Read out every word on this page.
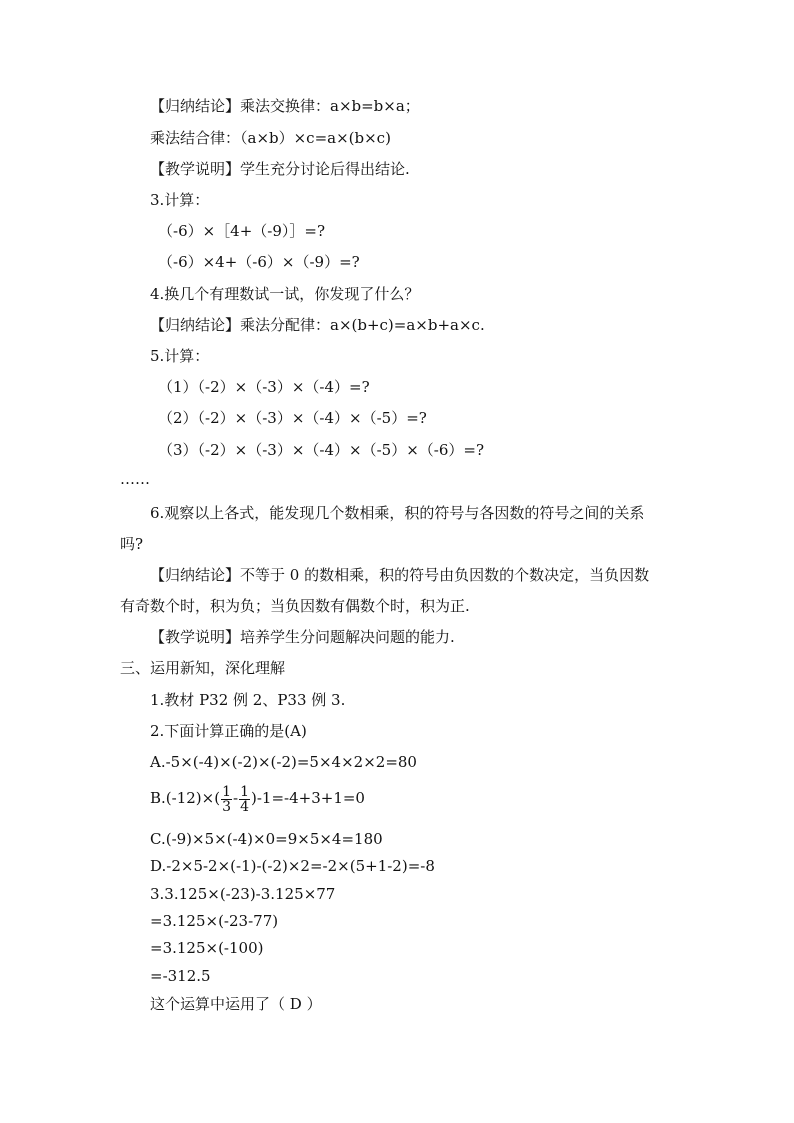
【归纳结论】乘法交换律：a×b=b×a；
乘法结合律：（a×b）×c=a×(b×c)
【教学说明】学生充分讨论后得出结论.
3.计算：
（-6）×［4+（-9）］=?
（-6）×4+（-6）×（-9）=?
4.换几个有理数试一试，你发现了什么？
【归纳结论】乘法分配律：a×(b+c)=a×b+a×c.
5.计算：
（1）（-2）×（-3）×（-4）=?
（2）（-2）×（-3）×（-4）×（-5）=?
（3）（-2）×（-3）×（-4）×（-5）×（-6）=?
……
6.观察以上各式，能发现几个数相乘，积的符号与各因数的符号之间的关系
吗?
【归纳结论】不等于 0 的数相乘，积的符号由负因数的个数决定，当负因数
有奇数个时，积为负；当负因数有偶数个时，积为正.
【教学说明】培养学生分问题解决问题的能力.
三、运用新知，深化理解
1.教材 P32 例 2、P33 例 3.
2.下面计算正确的是(A)
A.-5×(-4)×(-2)×(-2)=5×4×2×2=80
$B.(-12)\times( \frac{1}{3} - \frac{1}{4} )-1=-4+3+1=0$
C.(-9)×5×(-4)×0=9×5×4=180
D.-2×5-2×(-1)-(-2)×2=-2×(5+1-2)=-8
3.3.125×(-23)-3.125×77
=3.125×(-23-77)
=3.125×(-100)
=-312.5
这个运算中运用了（ D ）
